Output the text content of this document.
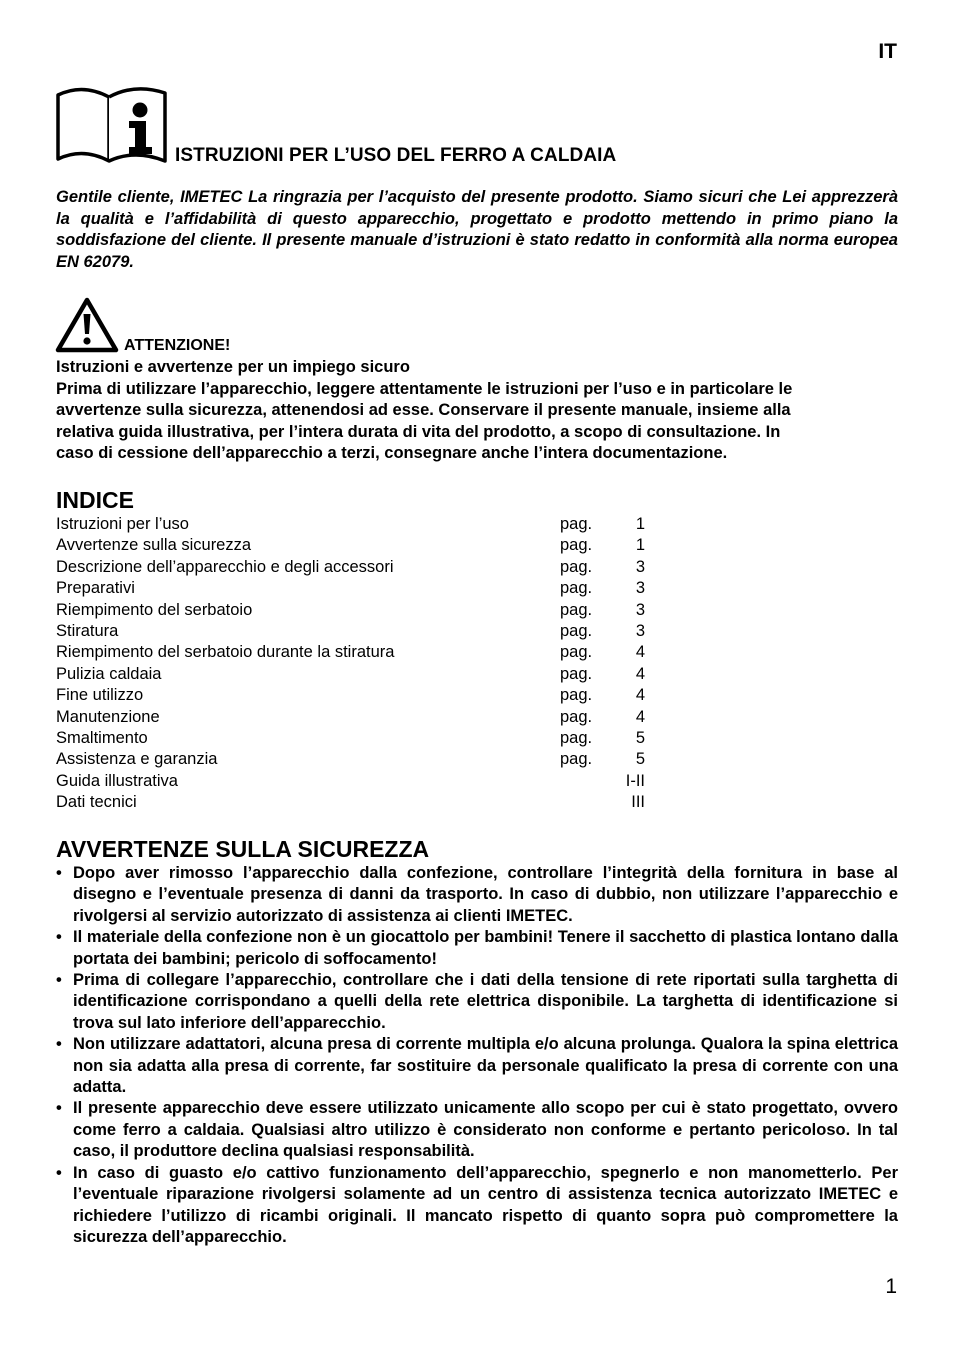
IT
ISTRUZIONI PER L’USO DEL FERRO A CALDAIA

Gentile cliente, IMETEC La ringrazia per l’acquisto del presente prodotto. Siamo sicuri che Lei apprezzerà la qualità e l’affidabilità di questo apparecchio, progettato e prodotto mettendo in primo piano la soddisfazione del cliente. Il presente manuale d’istruzioni è stato redatto in conformità alla norma europea EN 62079.

ATTENZIONE!
Istruzioni e avvertenze per un impiego sicuro
Prima di utilizzare l’apparecchio, leggere attentamente le istruzioni per l’uso e in particolare le
avvertenze sulla sicurezza, attenendosi ad esse. Conservare il presente manuale, insieme alla
relativa guida illustrativa, per l’intera durata di vita del prodotto, a scopo di consultazione. In
caso di cessione dell’apparecchio a terzi, consegnare anche l’intera documentazione.
INDICE
Istruzioni per l’uso	pag.	1
Avvertenze sulla sicurezza	pag.	1
Descrizione dell’apparecchio e degli accessori	pag.	3
Preparativi	pag.	3
Riempimento del serbatoio	pag.	3
Stiratura	pag.	3
Riempimento del serbatoio durante la stiratura	pag.	4
Pulizia caldaia	pag.	4
Fine utilizzo	pag.	4
Manutenzione	pag.	4
Smaltimento	pag.	5
Assistenza e garanzia	pag.	5
Guida illustrativa	I-II
Dati tecnici	III
AVVERTENZE SULLA SICUREZZA
• Dopo aver rimosso l’apparecchio dalla confezione, controllare l’integrità della fornitura in base al disegno e l’eventuale presenza di danni da trasporto. In caso di dubbio, non utilizzare l’apparecchio e rivolgersi al servizio autorizzato di assistenza ai clienti IMETEC.
• Il materiale della confezione non è un giocattolo per bambini! Tenere il sacchetto di plastica lontano dalla portata dei bambini; pericolo di soffocamento!
• Prima di collegare l’apparecchio, controllare che i dati della tensione di rete riportati sulla targhetta di identificazione corrispondano a quelli della rete elettrica disponibile. La targhetta di identificazione si trova sul lato inferiore dell’apparecchio.
• Non utilizzare adattatori, alcuna presa di corrente multipla e/o alcuna prolunga. Qualora la spina elettrica non sia adatta alla presa di corrente, far sostituire da personale qualificato la presa di corrente con una adatta.
• Il presente apparecchio deve essere utilizzato unicamente allo scopo per cui è stato progettato, ovvero come ferro a caldaia. Qualsiasi altro utilizzo è considerato non conforme e pertanto pericoloso. In tal caso, il produttore declina qualsiasi responsabilità.
• In caso di guasto e/o cattivo funzionamento dell’apparecchio, spegnerlo e non manometterlo. Per l’eventuale riparazione rivolgersi solamente ad un centro di assistenza tecnica autorizzato IMETEC e richiedere l’utilizzo di ricambi originali. Il mancato rispetto di quanto sopra può compromettere la sicurezza dell’apparecchio.
1
